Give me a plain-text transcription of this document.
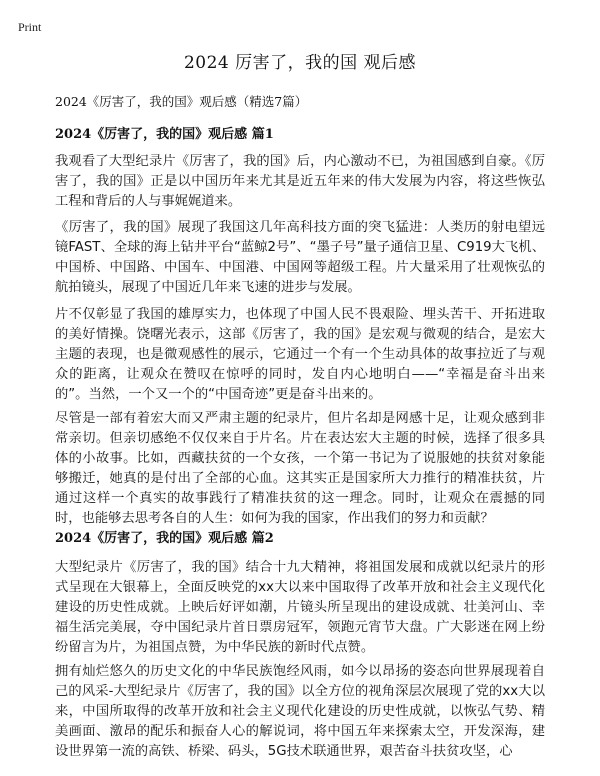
Print
2024 厉害了，我的国 观后感

2024《厉害了，我的国》观后感（精选7篇）

2024《厉害了，我的国》观后感 篇1

我观看了大型纪录片《厉害了，我的国》后，内心激动不已，为祖国感到自豪。《厉害了，我的国》正是以中国历年来尤其是近五年来的伟大发展为内容，将这些恢弘工程和背后的人与事娓娓道来。

《厉害了，我的国》展现了我国这几年高科技方面的突飞猛进：人类历的射电望远镜FAST、全球的海上钻井平台“蓝鲸2号”、“墨子号”量子通信卫星、C919大飞机、中国桥、中国路、中国车、中国港、中国网等超级工程。片大量采用了壮观恢弘的航拍镜头，展现了中国近几年来飞速的进步与发展。

片不仅彰显了我国的雄厚实力，也体现了中国人民不畏艰险、埋头苦干、开拓进取的美好情操。饶曙光表示，这部《厉害了，我的国》是宏观与微观的结合，是宏大主题的表现，也是微观感性的展示，它通过一个有一个生动具体的故事拉近了与观众的距离，让观众在赞叹在惊呼的同时，发自内心地明白——“幸福是奋斗出来的”。当然，一个又一个的“中国奇迹”更是奋斗出来的。

尽管是一部有着宏大而又严肃主题的纪录片，但片名却是网感十足，让观众感到非常亲切。但亲切感绝不仅仅来自于片名。片在表达宏大主题的时候，选择了很多具体的小故事。比如，西藏扶贫的一个女孩，一个第一书记为了说服她的扶贫对象能够搬迁，她真的是付出了全部的心血。这其实正是国家所大力推行的精准扶贫，片通过这样一个真实的故事践行了精准扶贫的这一理念。同时，让观众在震撼的同时，也能够去思考各自的人生：如何为我的国家，作出我们的努力和贡献？

2024《厉害了，我的国》观后感 篇2

大型纪录片《厉害了，我的国》结合十九大精神，将祖国发展和成就以纪录片的形式呈现在大银幕上，全面反映党的xx大以来中国取得了改革开放和社会主义现代化建设的历史性成就。上映后好评如潮，片镜头所呈现出的建设成就、壮美河山、幸福生活完美展，夺中国纪录片首日票房冠军，领跑元宵节大盘。广大影迷在网上纷纷留言为片，为祖国点赞，为中华民族的新时代点赞。

拥有灿烂悠久的历史文化的中华民族饱经风雨，如今以昂扬的姿态向世界展现着自己的风采-大型纪录片《厉害了，我的国》以全方位的视角深层次展现了党的xx大以来，中国所取得的改革开放和社会主义现代化建设的历史性成就，以恢弘气势、精美画面、激昂的配乐和振奋人心的解说词，将中国五年来探索太空，开发深海，建设世界第一流的高铁、桥梁、码头，5G技术联通世界，艰苦奋斗扶贫攻坚，心
